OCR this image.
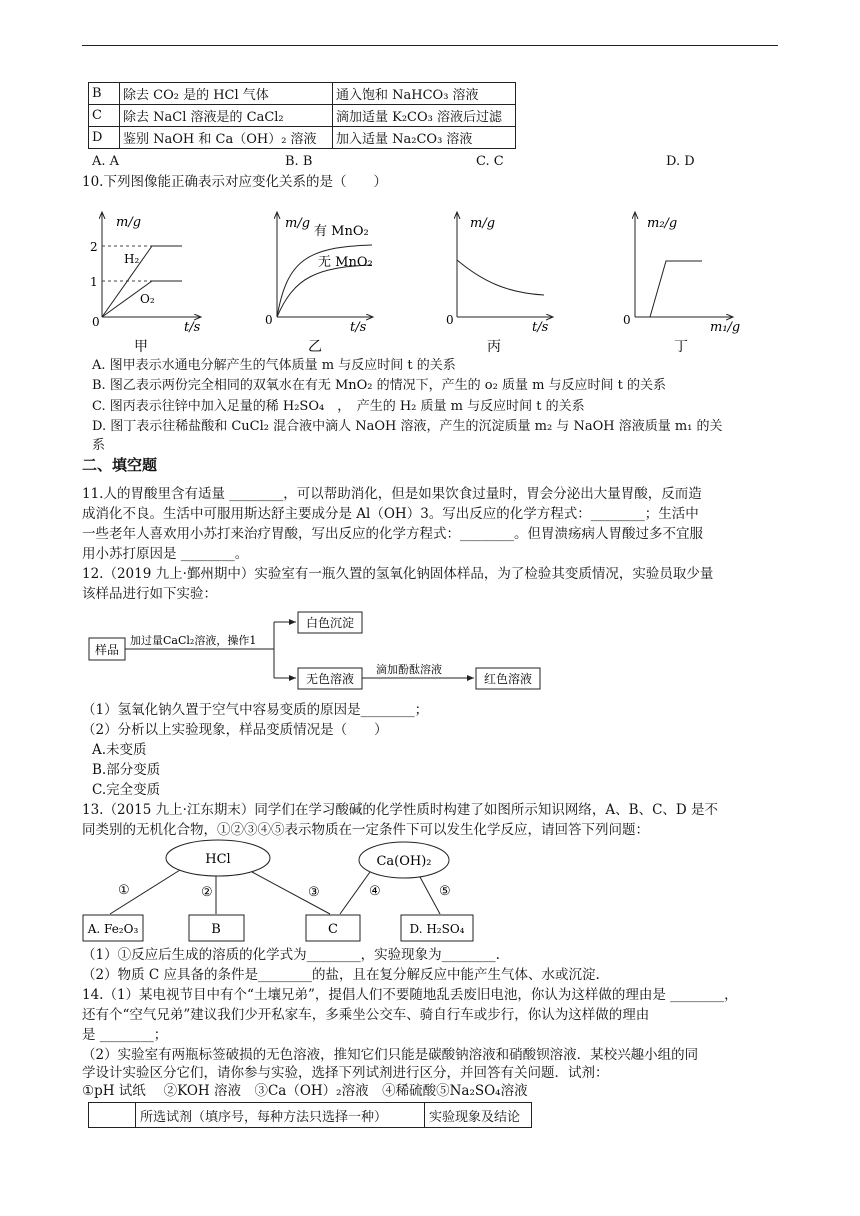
B	除去 CO₂ 是的 HCl 气体	通入饱和 NaHCO₃ 溶液
C	除去 NaCl 溶液是的 CaCl₂	滴加适量 K₂CO₃ 溶液后过滤
D	鉴别 NaOH 和 Ca（OH）₂ 溶液	加入适量 Na₂CO₃ 溶液
A. A	B. B	C. C	D. D
10.下列图像能正确表示对应变化关系的是（　　）
m/g
2
1
0
H₂
O₂
t/s
甲
m/g
有 MnO₂
无 MnO₂
0	t/s
乙
m/g
0	t/s
丙
m₂/g
0	m₁/g
丁
A. 图甲表示水通电分解产生的气体质量 m 与反应时间 t 的关系
B. 图乙表示两份完全相同的双氧水在有无 MnO₂ 的情况下，产生的 o₂ 质量 m 与反应时间 t 的关系
C. 图丙表示往锌中加入足量的稀 H₂SO₄　，　产生的 H₂ 质量 m 与反应时间 t 的关系
D. 图丁表示往稀盐酸和 CuCl₂ 混合液中滴人 NaOH 溶液，产生的沉淀质量 m₂ 与 NaOH 溶液质量 m₁ 的关
系
二、填空题
11.人的胃酸里含有适量 ________，可以帮助消化，但是如果饮食过量时，胃会分泌出大量胃酸，反而造
成消化不良。生活中可服用斯达舒主要成分是 Al（OH）3。写出反应的化学方程式：________；生活中
一些老年人喜欢用小苏打来治疗胃酸，写出反应的化学方程式：________。但胃溃疡病人胃酸过多不宜服
用小苏打原因是 ________。
12.（2019 九上·鄞州期中）实验室有一瓶久置的氢氧化钠固体样品，为了检验其变质情况，实验员取少量
该样品进行如下实验：
样品
加过量CaCl₂溶液，操作1
白色沉淀
无色溶液
滴加酚酞溶液
红色溶液
（1）氢氧化钠久置于空气中容易变质的原因是________；
（2）分析以上实验现象，样品变质情况是（　　）
A.未变质
B.部分变质
C.完全变质
13.（2015 九上·江东期末）同学们在学习酸碱的化学性质时构建了如图所示知识网络，A、B、C、D 是不
同类别的无机化合物，①②③④⑤表示物质在一定条件下可以发生化学反应，请回答下列问题：
HCl	Ca(OH)₂
①	②	③	④	⑤
A. Fe₂O₃	B	C	D. H₂SO₄
（1）①反应后生成的溶质的化学式为________，实验现象为________.
（2）物质 C 应具备的条件是________的盐，且在复分解反应中能产生气体、水或沉淀.
14.（1）某电视节目中有个“土壤兄弟”，提倡人们不要随地乱丢废旧电池，你认为这样做的理由是 ________，
还有个“空气兄弟”建议我们少开私家车，多乘坐公交车、骑自行车或步行，你认为这样做的理由
是 ________；
（2）实验室有两瓶标签破损的无色溶液，推知它们只能是碳酸钠溶液和硝酸钡溶液．某校兴趣小组的同
学设计实验区分它们，请你参与实验，选择下列试剂进行区分，并回答有关问题．试剂：
①pH 试纸　 ②KOH 溶液　③Ca（OH）₂溶液　④稀硫酸⑤Na₂SO₄溶液
	所选试剂（填序号，每种方法只选择一种）	实验现象及结论
